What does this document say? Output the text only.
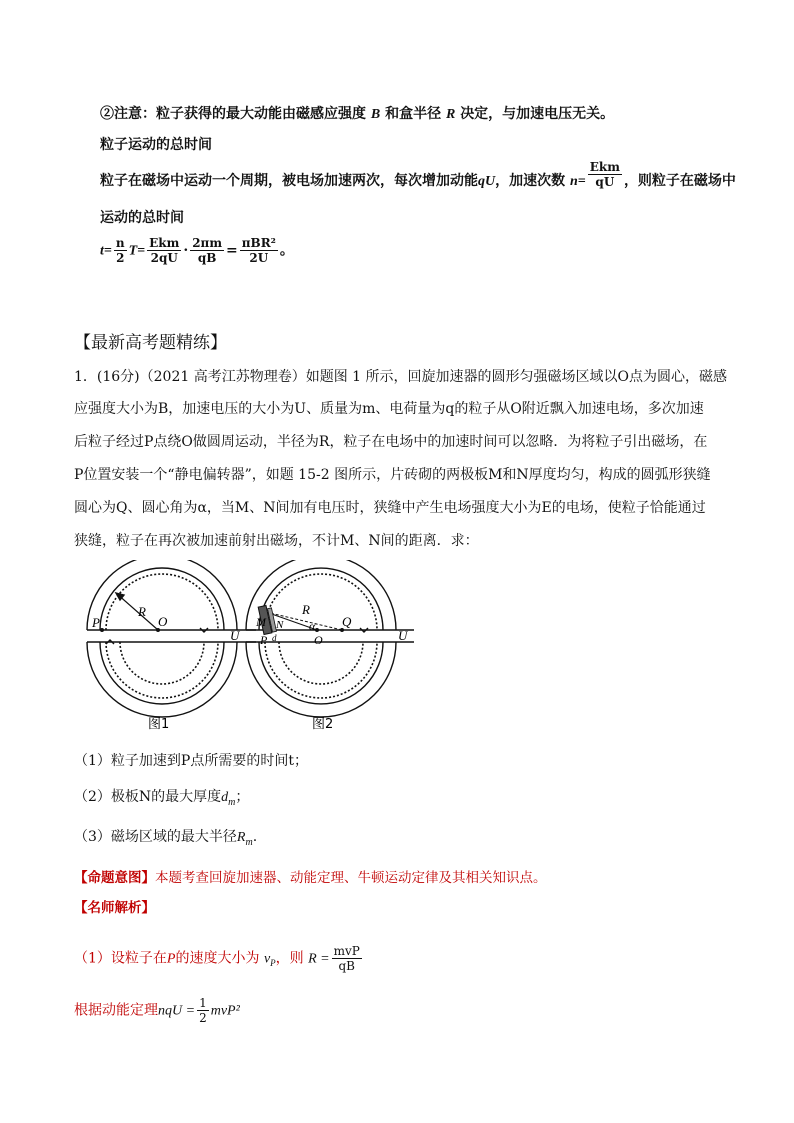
②注意：粒子获得的最大动能由磁感应强度 B 和盒半径 R 决定，与加速电压无关。
粒子运动的总时间
粒子在磁场中运动一个周期，被电场加速两次，每次增加动能qU，加速次数 $n= \frac{\text{Ekm}}{qU}$ ，则粒子在磁场中
运动的总时间
$t= \frac{n}{2} T= \frac{\text{Ekm}}{2qU} \cdot \frac{2\pi m}{qB} = \frac{\text{πBR²}}{2U}$ 。
【最新高考题精练】
1．(16分)（2021 高考江苏物理卷）如题图 1 所示，回旋加速器的圆形匀强磁场区域以O点为圆心，磁感
应强度大小为B，加速电压的大小为U、质量为m、电荷量为q的粒子从O附近飘入加速电场，多次加速
后粒子经过P点绕O做圆周运动，半径为R，粒子在电场中的加速时间可以忽略．为将粒子引出磁场，在
P位置安装一个“静电偏转器”，如题 15-2 图所示，片砖砌的两极板M和N厚度均匀，构成的圆弧形狭缝
圆心为Q、圆心角为α，当M、N间加有电压时，狭缝中产生电场强度大小为E的电场，使粒子恰能通过
狭缝，粒子在再次被加速前射出磁场，不计M、N间的距离．求：
R
O
P
U
图1
M N
P d
R
α Q
O	U
图2
（1）粒子加速到P点所需要的时间t；
（2）极板N的最大厚度$d_m$；
（3）磁场区域的最大半径$R_m$.
【命题意图】本题考查回旋加速器、动能定理、牛顿运动定律及其相关知识点。
【名师解析】
（1）设粒子在P的速度大小为 $v_P$，则 $R = \frac{\text{mvP}}{qB}$
根据动能定理nqU = $\frac{1}{2} mvP^2$
